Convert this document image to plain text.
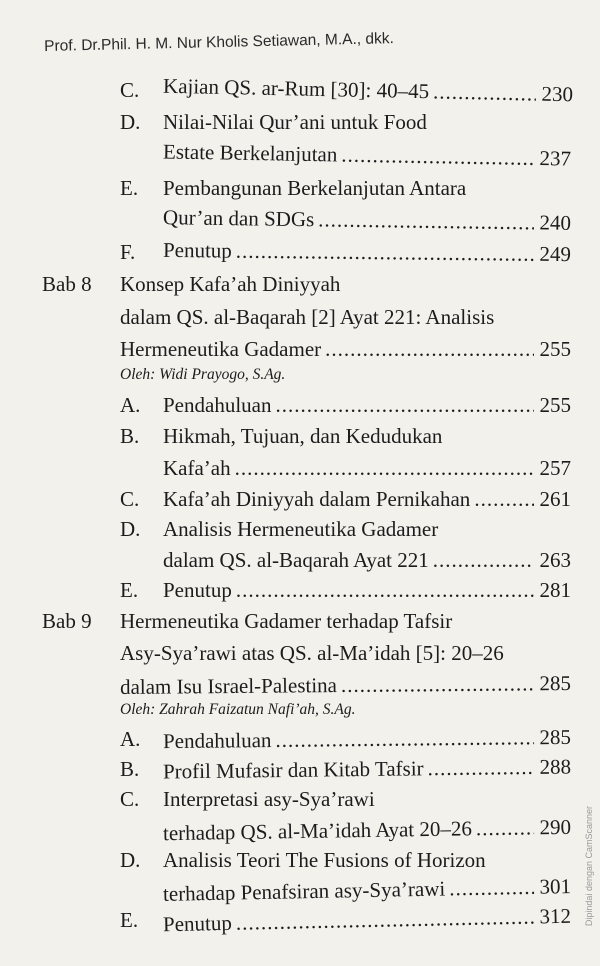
Prof. Dr.Phil. H. M. Nur Kholis Setiawan, M.A., dkk.
C. Kajian QS. ar-Rum [30]: 40–45 .....	230
D. Nilai-Nilai Qur’ani untuk Food
Estate Berkelanjutan .....	237
E. Pembangunan Berkelanjutan Antara
Qur’an dan SDGs .....	240
F. Penutup .....	249
Bab 8 Konsep Kafa’ah Diniyyah
dalam QS. al-Baqarah [2] Ayat 221: Analisis
Hermeneutika Gadamer .....	255
Oleh: Widi Prayogo, S.Ag.
A. Pendahuluan .....	255
B. Hikmah, Tujuan, dan Kedudukan
Kafa’ah .....	257
C. Kafa’ah Diniyyah dalam Pernikahan .....	261
D. Analisis Hermeneutika Gadamer
dalam QS. al-Baqarah Ayat 221 .....	263
E. Penutup .....	281
Bab 9 Hermeneutika Gadamer terhadap Tafsir
Asy-Sya’rawi atas QS. al-Ma’idah [5]: 20–26
dalam Isu Israel-Palestina .....	285
Oleh: Zahrah Faizatun Nafi’ah, S.Ag.
A. Pendahuluan .....	285
B. Profil Mufasir dan Kitab Tafsir .....	288
C. Interpretasi asy-Sya’rawi
terhadap QS. al-Ma’idah Ayat 20–26 .....	290
D. Analisis Teori The Fusions of Horizon
terhadap Penafsiran asy-Sya’rawi .....	301
E. Penutup .....	312 Dipindai dengan CamScanner
